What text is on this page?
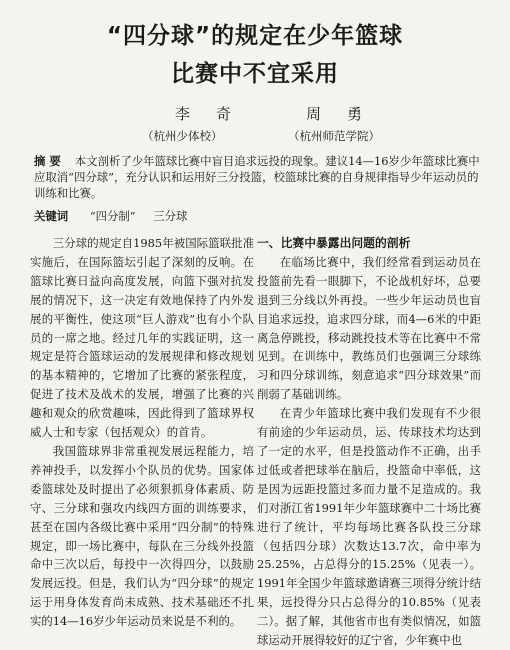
“四分球”的规定在少年篮球
比赛中不宜采用
李奇	周勇
（杭州少体校）	（杭州师范学院）
摘要 本文剖析了少年篮球比赛中盲目追求远投的现象。建议14—16岁少年篮球比赛中应取消“四分球”，充分认识和运用好三分投篮，校篮球比赛的自身规律指导少年运动员的训练和比赛。
关键词 “四分制” 三分球

三分球的规定自1985年被国际篮联批准实施后，在国际篮坛引起了深刻的反响。在篮球比赛日益向高度发展，向篮下强对抗发展的情况下，这一决定有效地保持了内外发展的平衡性，使这项“巨人游戏”也有小个队员的一席之地。经过几年的实践证明，这一规定是符合篮球运动的发展规律和修改规划的基本精神的，它增加了比赛的紧张程度，促进了技术及战术的发展，增强了比赛的兴趣和观众的欣赏趣味，因此得到了篮球界权威人士和专家（包括观众）的首肯。

我国篮球界非常重视发展远程能力，培养神投手，以发挥小个队员的优势。国家体委篮球处及时提出了必须狠抓身体素质、防守、三分球和强攻内线四方面的训练要求，甚至在国内各级比赛中采用“四分制”的特殊规定，即一场比赛中，每队在三分线外投篮命中三次以后，每投中一次得四分，以鼓励发展远投。但是，我们认为“四分球”的规定运于用身体发育尚未成熟、技术基础还不扎实的14—16岁少年运动员来说是不利的。

一、比赛中暴露出问题的剖析

在临场比赛中，我们经常看到运动员在投篮前先看一眼脚下，不论战机好坏，总要退到三分线以外再投。一些少年运动员也盲目追求远投，追求四分球，而4—6米的中距离急停跳投，移动跳投技术等在比赛中不常见到。在训练中，教练员们也强调三分球练习和四分球训练，刻意追求“四分球效果”而削弱了基础训练。

在青少年篮球比赛中我们发现有不少很有前途的少年运动员，运、传球技术均达到了一定的水平，但是投篮动作不正确，出手过低或者把球举在脑后，投篮命中率低，这是因为远距投篮过多而力量不足造成的。我们对浙江省1991年少年篮球赛中二十场比赛进行了统计，平均每场比赛各队投三分球（包括四分球）次数达13.7次，命中率为25.25%，占总得分的15.25%（见表一）。1991年全国少年篮球邀请赛三项得分统计结果，远投得分只占总得分的10.85%（见表二）。据了解，其他省市也有类似情况，如篮球运动开展得较好的辽宁省，少年赛中也
